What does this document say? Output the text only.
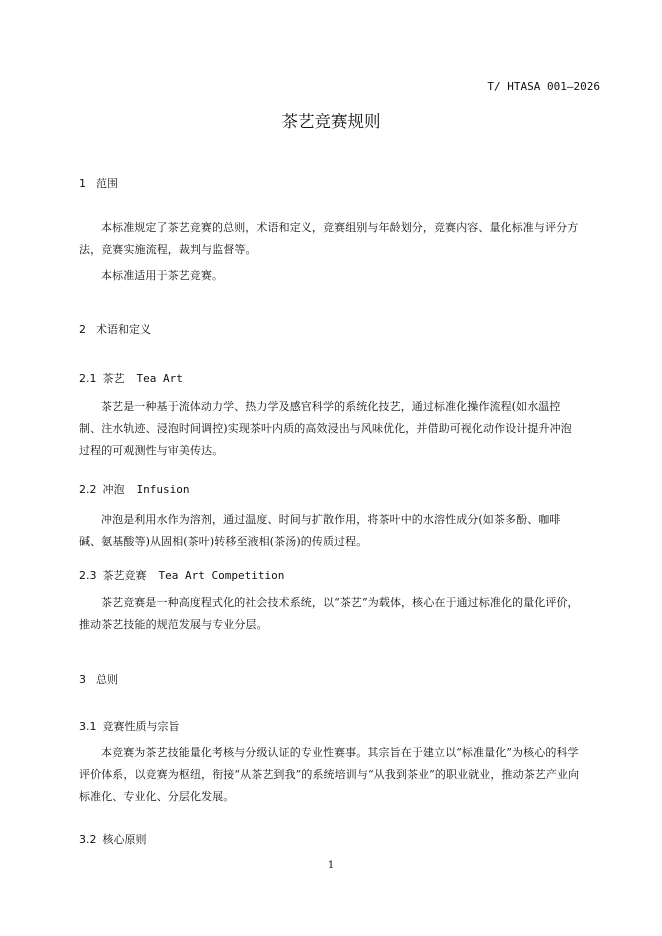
T/ HTASA 001—2026
茶艺竞赛规则
1 范围

本标准规定了茶艺竞赛的总则，术语和定义，竞赛组别与年龄划分，竞赛内容、量化标准与评分方法，竞赛实施流程，裁判与监督等。

本标准适用于茶艺竞赛。

2 术语和定义
2.1 茶艺 Tea Art

茶艺是一种基于流体动力学、热力学及感官科学的系统化技艺，通过标准化操作流程(如水温控制、注水轨迹、浸泡时间调控)实现茶叶内质的高效浸出与风味优化，并借助可视化动作设计提升冲泡过程的可观测性与审美传达。

2.2 冲泡 Infusion

冲泡是利用水作为溶剂，通过温度、时间与扩散作用，将茶叶中的水溶性成分(如茶多酚、咖啡碱、氨基酸等)从固相(茶叶)转移至液相(茶汤)的传质过程。

2.3 茶艺竞赛 Tea Art Competition

茶艺竞赛是一种高度程式化的社会技术系统，以“茶艺”为载体，核心在于通过标准化的量化评价，推动茶艺技能的规范发展与专业分层。

3 总则
3.1 竞赛性质与宗旨

本竞赛为茶艺技能量化考核与分级认证的专业性赛事。其宗旨在于建立以“标准量化”为核心的科学评价体系，以竞赛为枢纽，衔接“从茶艺到我”的系统培训与“从我到茶业”的职业就业，推动茶艺产业向标准化、专业化、分层化发展。

3.2 核心原则
1
